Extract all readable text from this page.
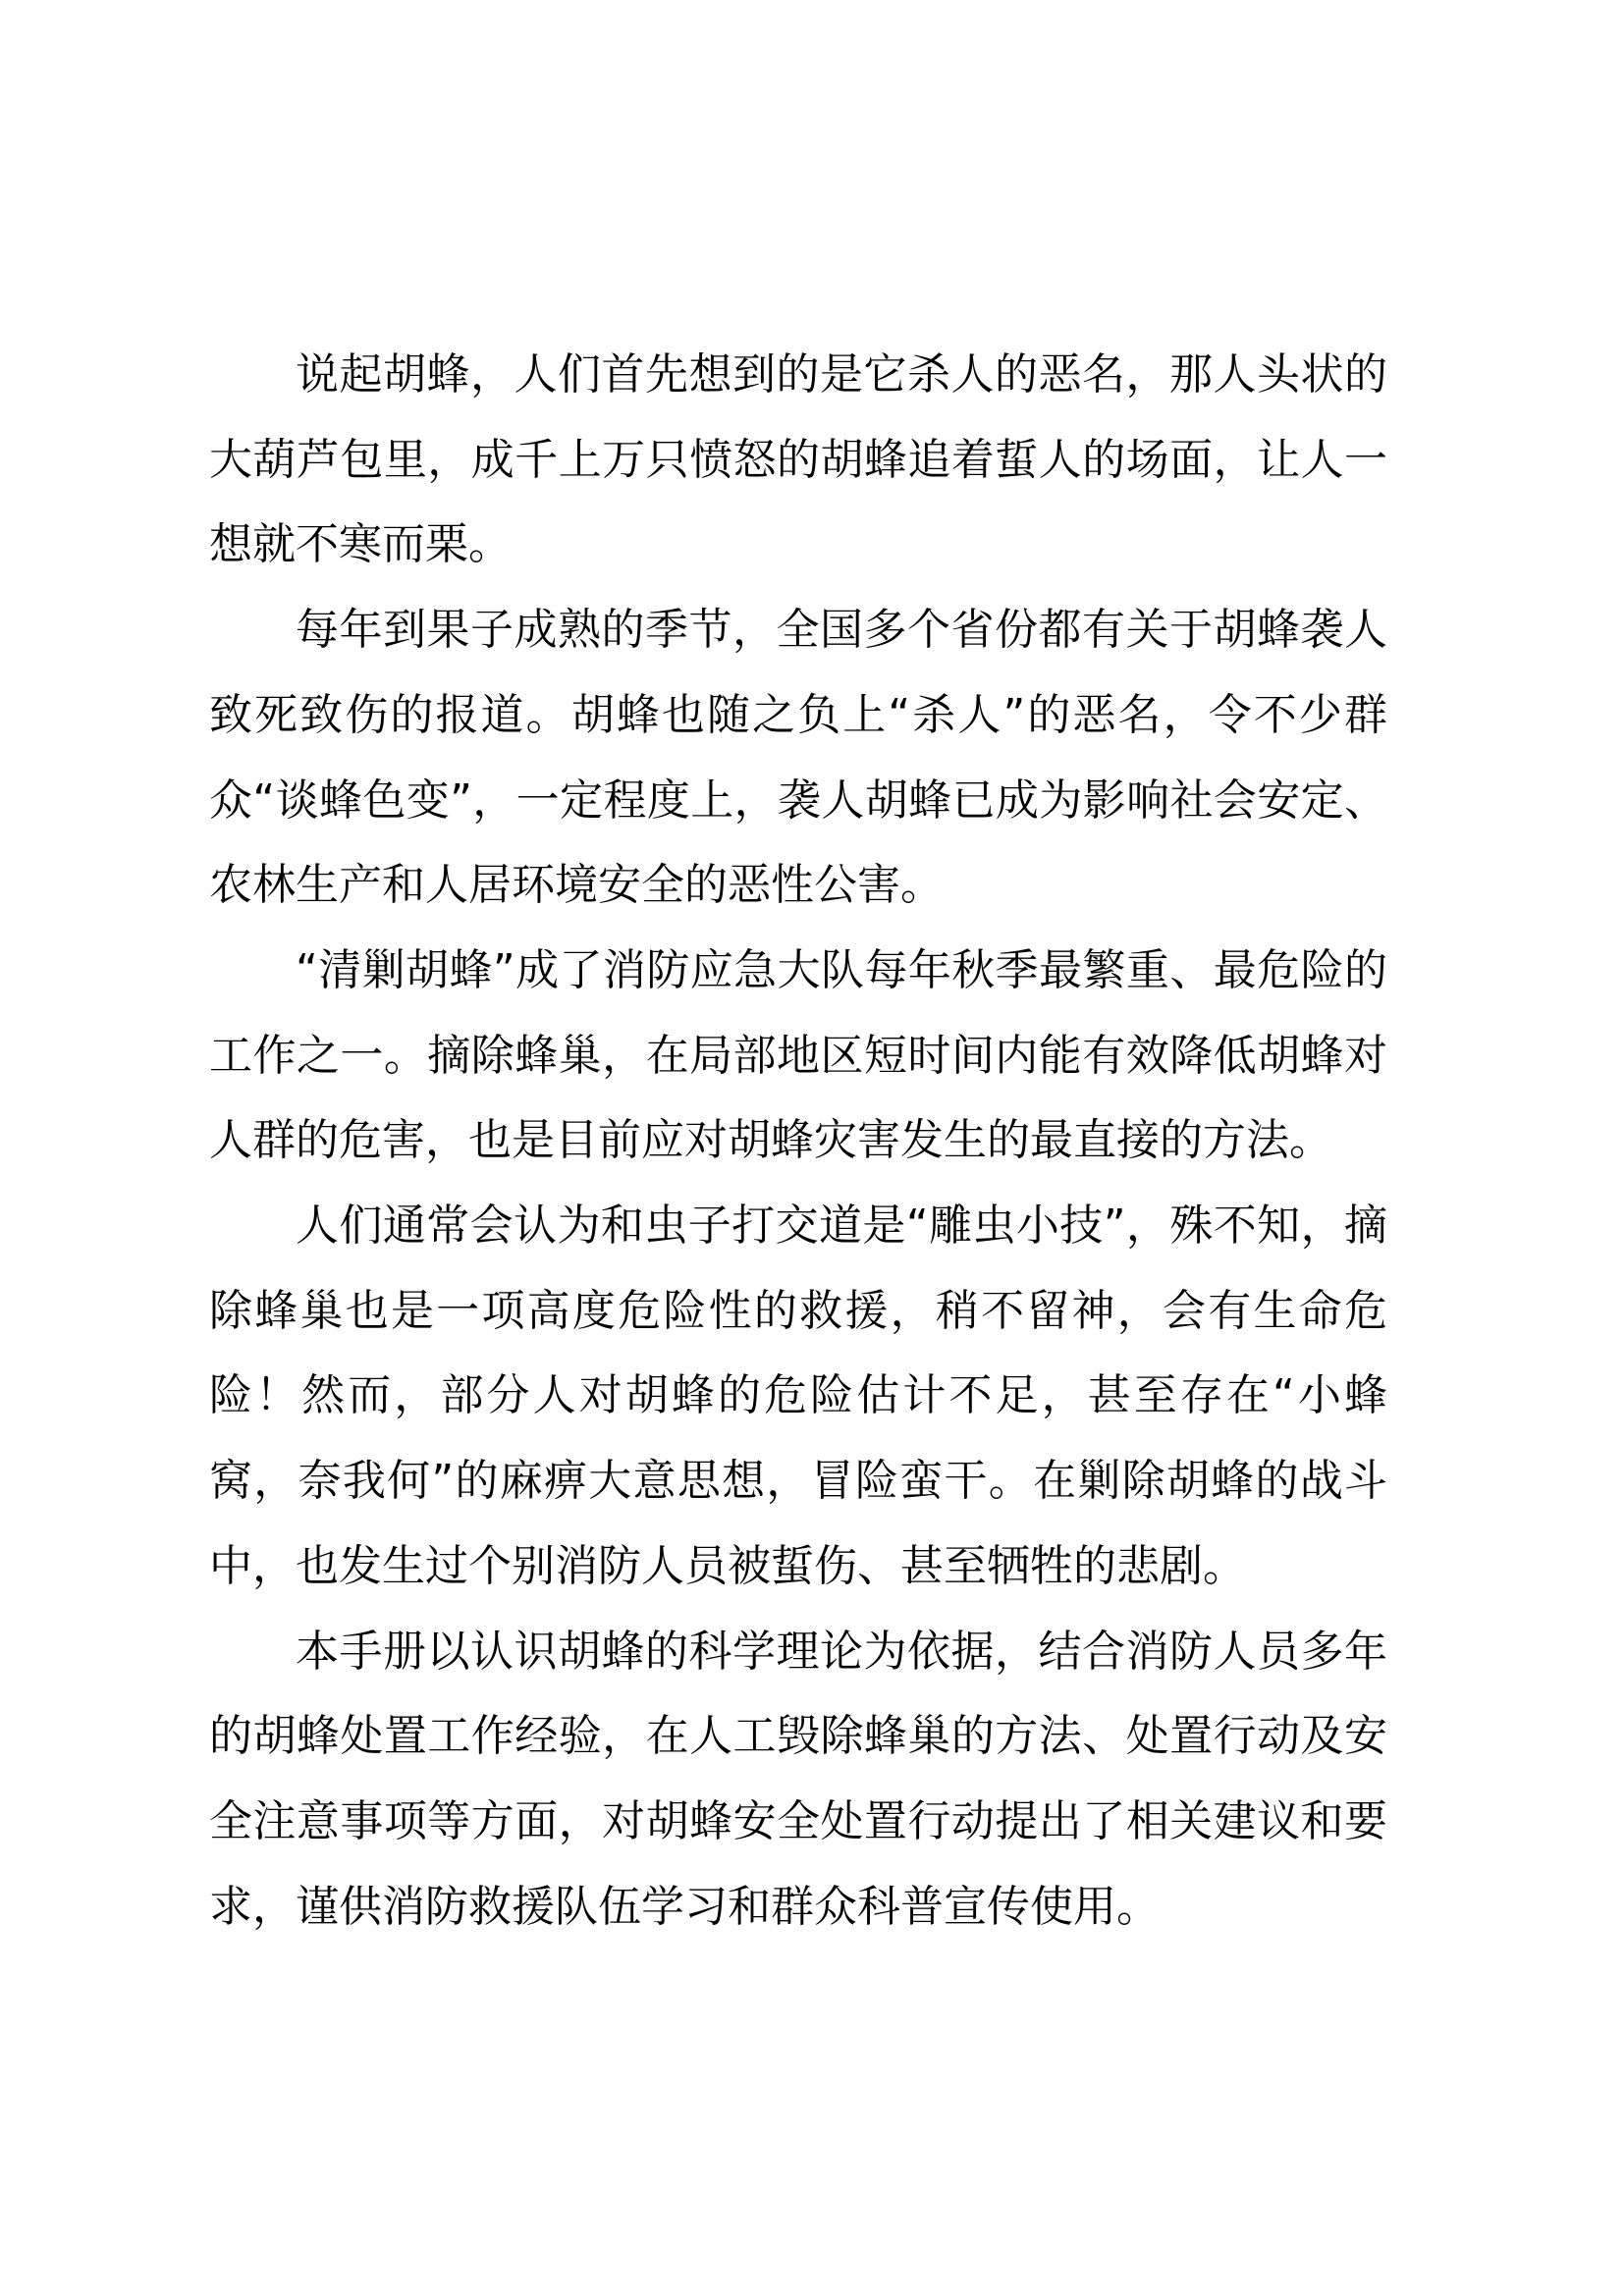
说起胡蜂，人们首先想到的是它杀人的恶名，那人头状的大葫芦包里，成千上万只愤怒的胡蜂追着蜇人的场面，让人一想就不寒而栗。

每年到果子成熟的季节，全国多个省份都有关于胡蜂袭人致死致伤的报道。胡蜂也随之负上“杀人”的恶名，令不少群众“谈蜂色变”，一定程度上，袭人胡蜂已成为影响社会安定、农林生产和人居环境安全的恶性公害。

“清剿胡蜂”成了消防应急大队每年秋季最繁重、最危险的工作之一。摘除蜂巢，在局部地区短时间内能有效降低胡蜂对人群的危害，也是目前应对胡蜂灾害发生的最直接的方法。

人们通常会认为和虫子打交道是“雕虫小技”，殊不知，摘除蜂巢也是一项高度危险性的救援，稍不留神，会有生命危险！然而，部分人对胡蜂的危险估计不足，甚至存在“小蜂窝，奈我何”的麻痹大意思想，冒险蛮干。在剿除胡蜂的战斗中，也发生过个别消防人员被蜇伤、甚至牺牲的悲剧。

本手册以认识胡蜂的科学理论为依据，结合消防人员多年的胡蜂处置工作经验，在人工毁除蜂巢的方法、处置行动及安全注意事项等方面，对胡蜂安全处置行动提出了相关建议和要求，谨供消防救援队伍学习和群众科普宣传使用。
